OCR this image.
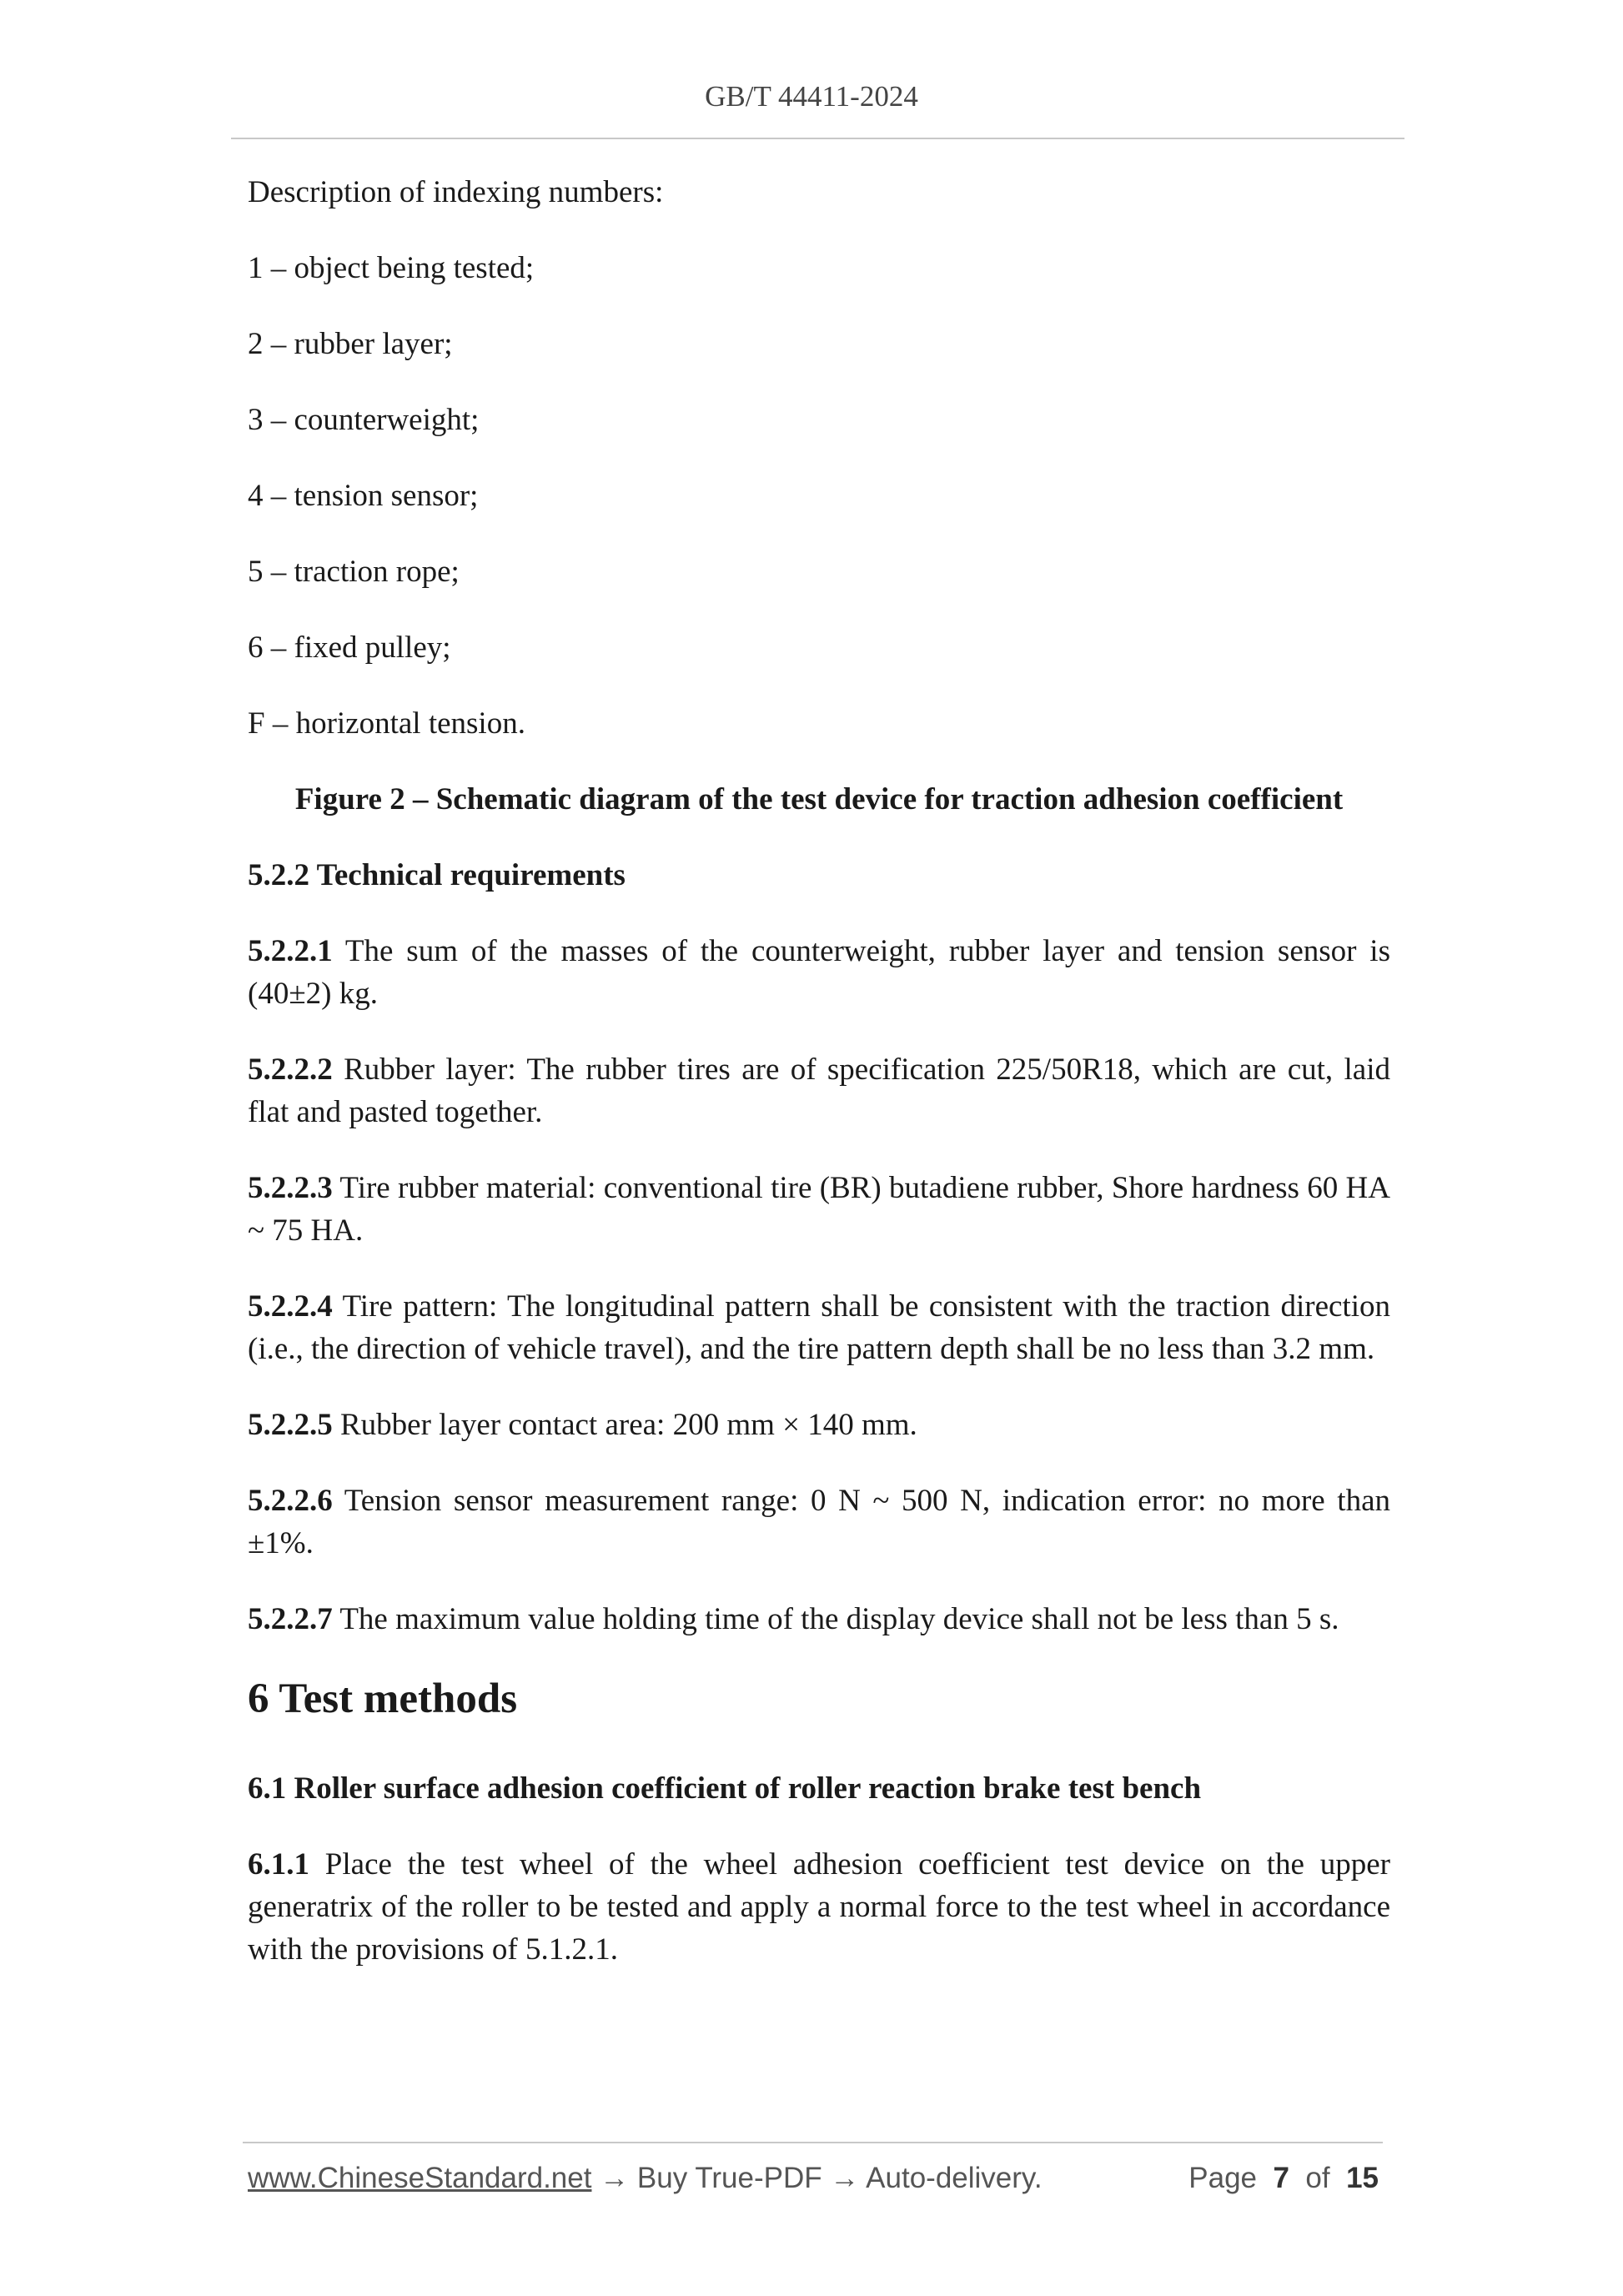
GB/T 44411-2024

Description of indexing numbers:

1 – object being tested;

2 – rubber layer;

3 – counterweight;

4 – tension sensor;

5 – traction rope;

6 – fixed pulley;

F – horizontal tension.

Figure 2 – Schematic diagram of the test device for traction adhesion coefficient

5.2.2 Technical requirements

5.2.2.1 The sum of the masses of the counterweight, rubber layer and tension sensor is (40±2) kg.

5.2.2.2 Rubber layer: The rubber tires are of specification 225/50R18, which are cut, laid flat and pasted together.

5.2.2.3 Tire rubber material: conventional tire (BR) butadiene rubber, Shore hardness 60 HA ~ 75 HA.

5.2.2.4 Tire pattern: The longitudinal pattern shall be consistent with the traction direction (i.e., the direction of vehicle travel), and the tire pattern depth shall be no less than 3.2 mm.

5.2.2.5 Rubber layer contact area: 200 mm × 140 mm.

5.2.2.6 Tension sensor measurement range: 0 N ~ 500 N, indication error: no more than ±1%.

5.2.2.7 The maximum value holding time of the display device shall not be less than 5 s.

6 Test methods
6.1 Roller surface adhesion coefficient of roller reaction brake test bench

6.1.1 Place the test wheel of the wheel adhesion coefficient test device on the upper generatrix of the roller to be tested and apply a normal force to the test wheel in accordance with the provisions of 5.1.2.1.

www.ChineseStandard.net → Buy True-PDF → Auto-delivery.	Page 7 of 15
